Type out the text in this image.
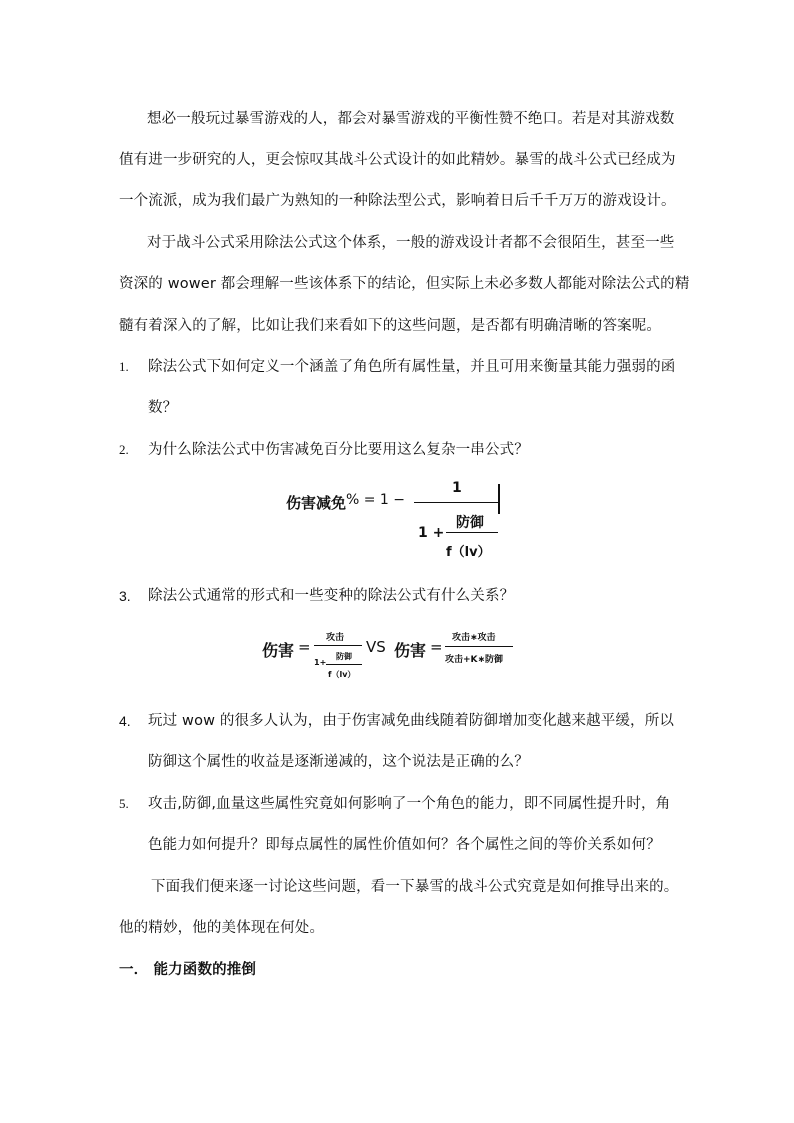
想必一般玩过暴雪游戏的人，都会对暴雪游戏的平衡性赞不绝口。若是对其游戏数
值有进一步研究的人，更会惊叹其战斗公式设计的如此精妙。暴雪的战斗公式已经成为
一个流派，成为我们最广为熟知的一种除法型公式，影响着日后千千万万的游戏设计。
对于战斗公式采用除法公式这个体系，一般的游戏设计者都不会很陌生，甚至一些
资深的 wower 都会理解一些该体系下的结论，但实际上未必多数人都能对除法公式的精
髓有着深入的了解，比如让我们来看如下的这些问题，是否都有明确清晰的答案呢。
1. 除法公式下如何定义一个涵盖了角色所有属性量，并且可用来衡量其能力强弱的函
数？
2. 为什么除法公式中伤害减免百分比要用这么复杂一串公式？
伤害减免 % = 1 −
1
1 +
防御
f（lv）
3. 除法公式通常的形式和一些变种的除法公式有什么关系？
伤害 = 攻击
1+
防御
f（lv）
VS 伤害 = 攻击∗攻击
攻击+K∗防御
4. 玩过 wow 的很多人认为，由于伤害减免曲线随着防御增加变化越来越平缓，所以
防御这个属性的收益是逐渐递减的，这个说法是正确的么？
5. 攻击,防御,血量这些属性究竟如何影响了一个角色的能力，即不同属性提升时，角
色能力如何提升？即每点属性的属性价值如何？各个属性之间的等价关系如何？
下面我们便来逐一讨论这些问题，看一下暴雪的战斗公式究竟是如何推导出来的。
他的精妙，他的美体现在何处。
一． 能力函数的推倒
